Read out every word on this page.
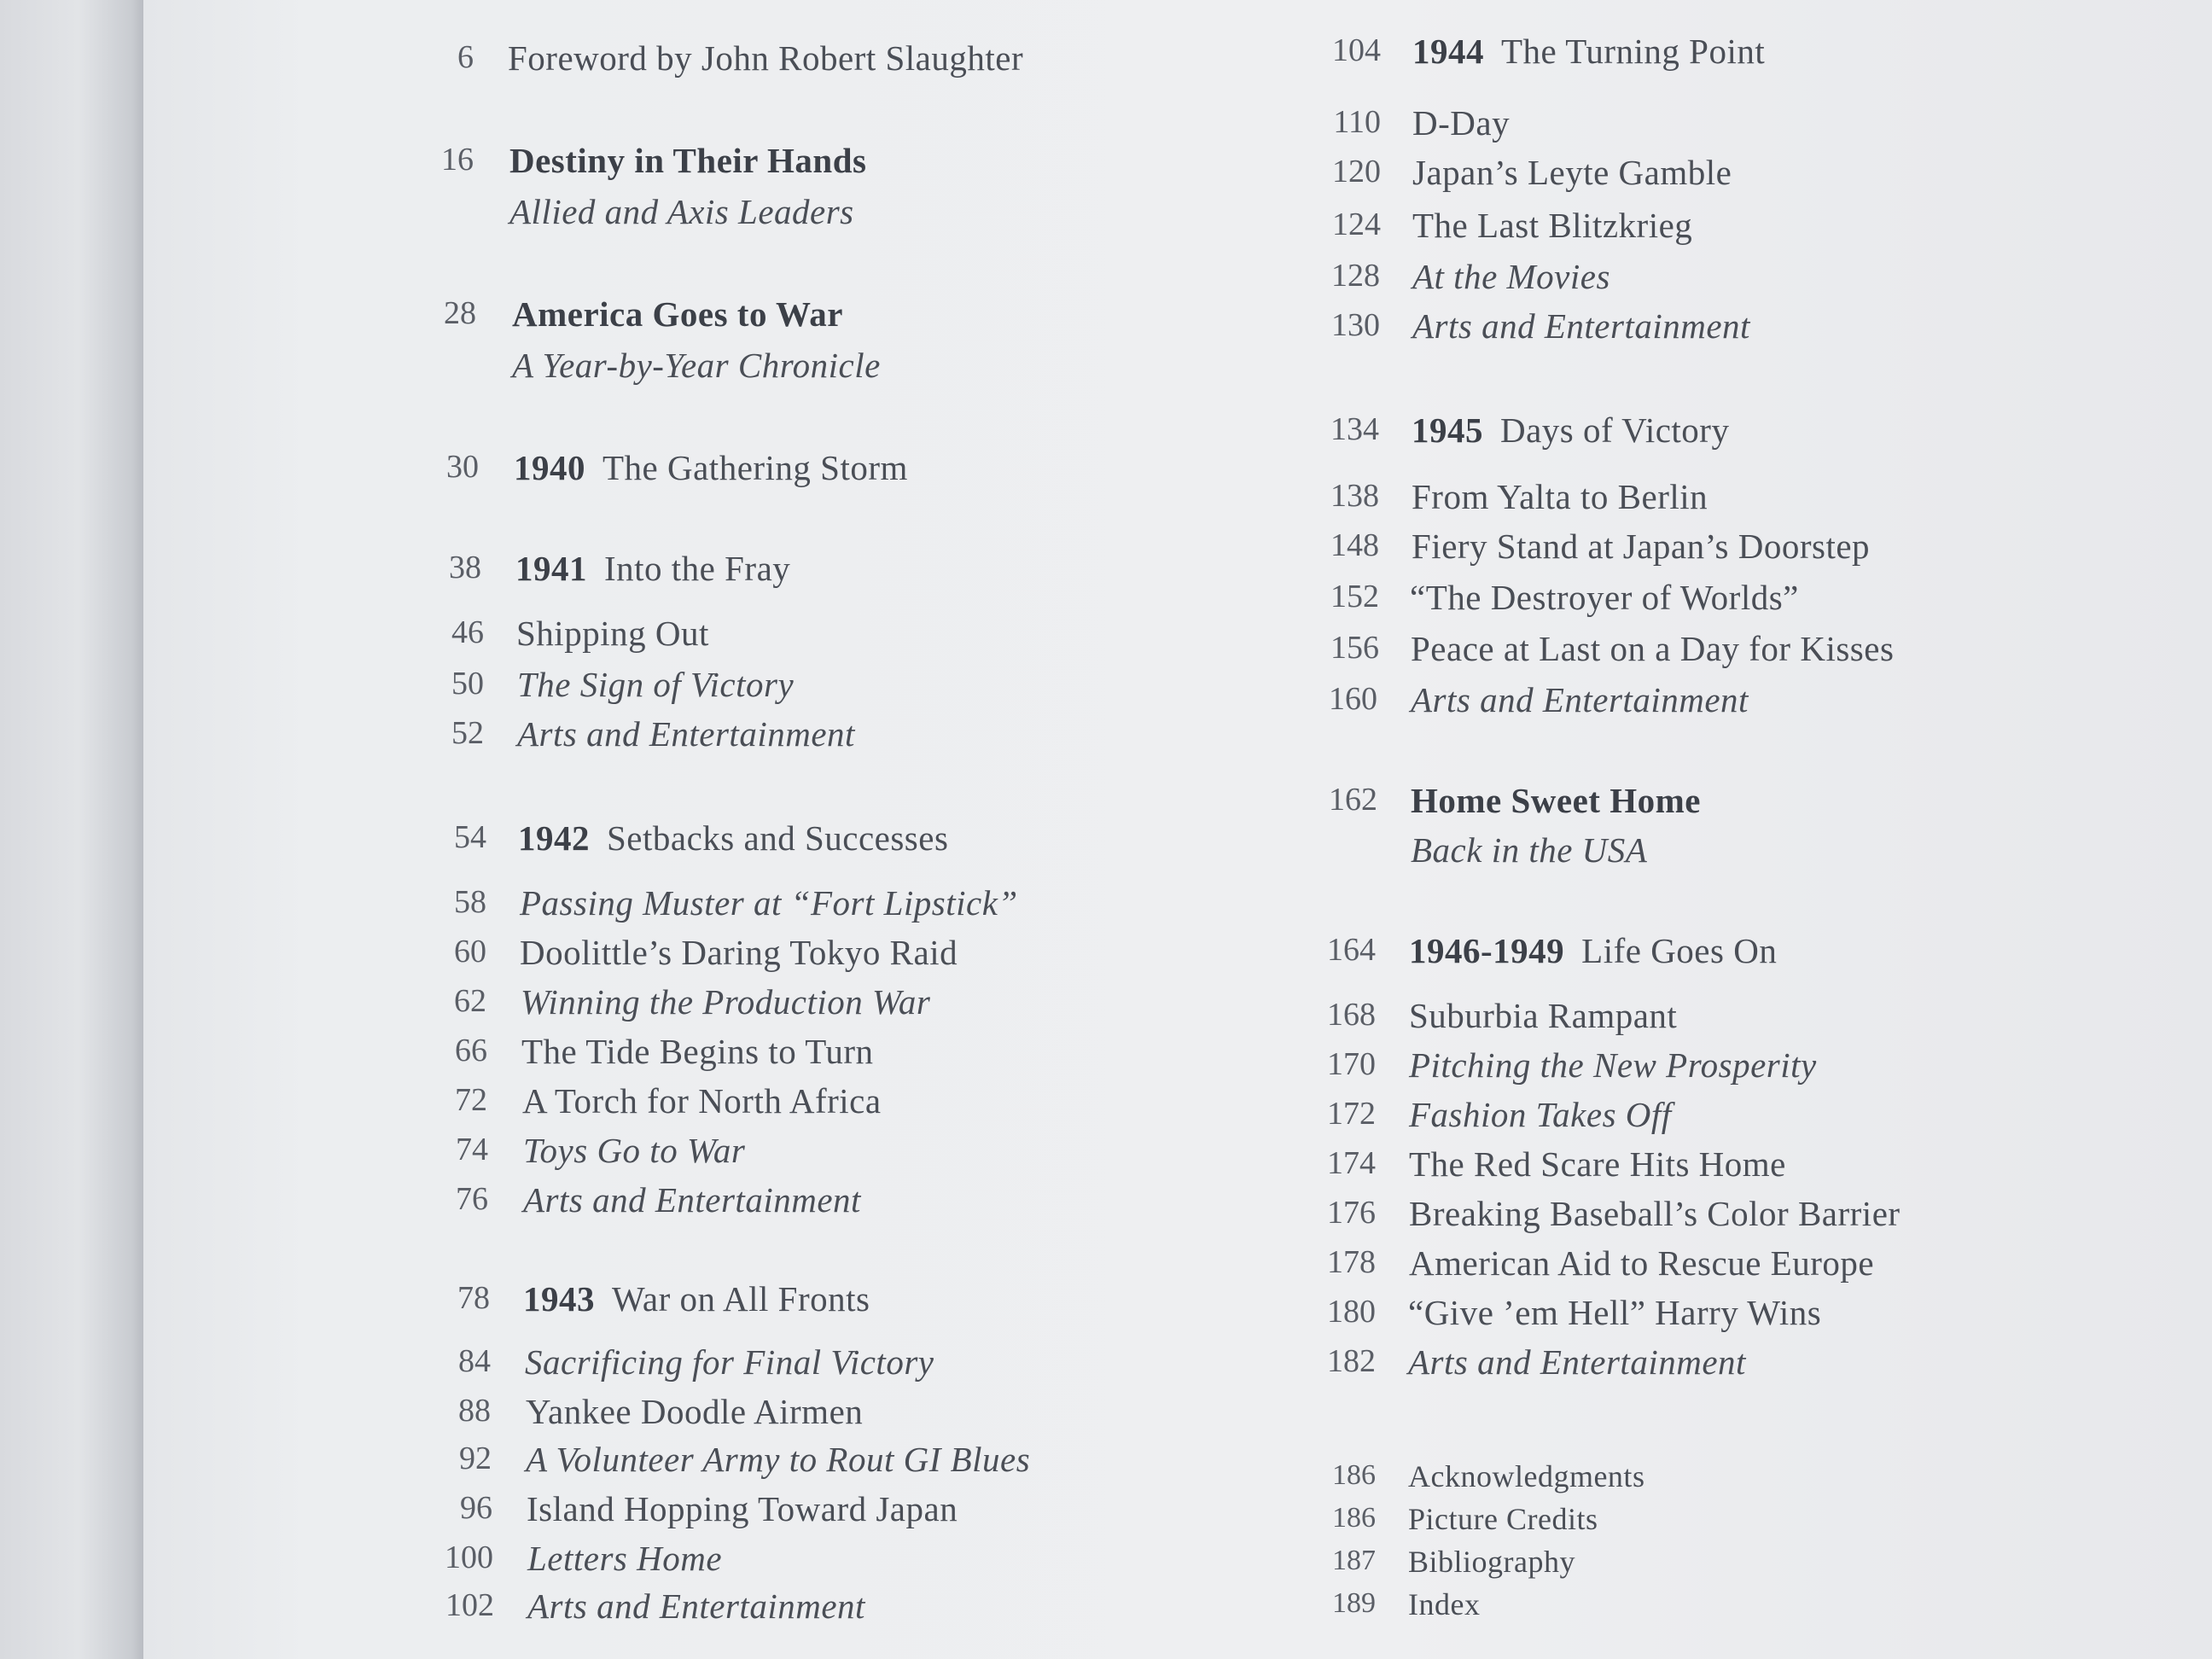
6 Foreword by John Robert Slaughter
16 Destiny in Their Hands
Allied and Axis Leaders
28 America Goes to War
A Year-by-Year Chronicle
30 1940 The Gathering Storm
38 1941 Into the Fray
46 Shipping Out
50 The Sign of Victory
52 Arts and Entertainment
54 1942 Setbacks and Successes
58 Passing Muster at “Fort Lipstick”
60 Doolittle’s Daring Tokyo Raid
62 Winning the Production War
66 The Tide Begins to Turn
72 A Torch for North Africa
74 Toys Go to War
76 Arts and Entertainment
78 1943 War on All Fronts
84 Sacrificing for Final Victory
88 Yankee Doodle Airmen
92 A Volunteer Army to Rout GI Blues
96 Island Hopping Toward Japan
100 Letters Home
102 Arts and Entertainment
104 1944 The Turning Point
110 D-Day
120 Japan’s Leyte Gamble
124 The Last Blitzkrieg
128 At the Movies
130 Arts and Entertainment
134 1945 Days of Victory
138 From Yalta to Berlin
148 Fiery Stand at Japan’s Doorstep
152 “The Destroyer of Worlds”
156 Peace at Last on a Day for Kisses
160 Arts and Entertainment
162 Home Sweet Home
Back in the USA
164 1946-1949 Life Goes On
168 Suburbia Rampant
170 Pitching the New Prosperity
172 Fashion Takes Off
174 The Red Scare Hits Home
176 Breaking Baseball’s Color Barrier
178 American Aid to Rescue Europe
180 “Give ’em Hell” Harry Wins
182 Arts and Entertainment
186 Acknowledgments
186 Picture Credits
187 Bibliography
189 Index
